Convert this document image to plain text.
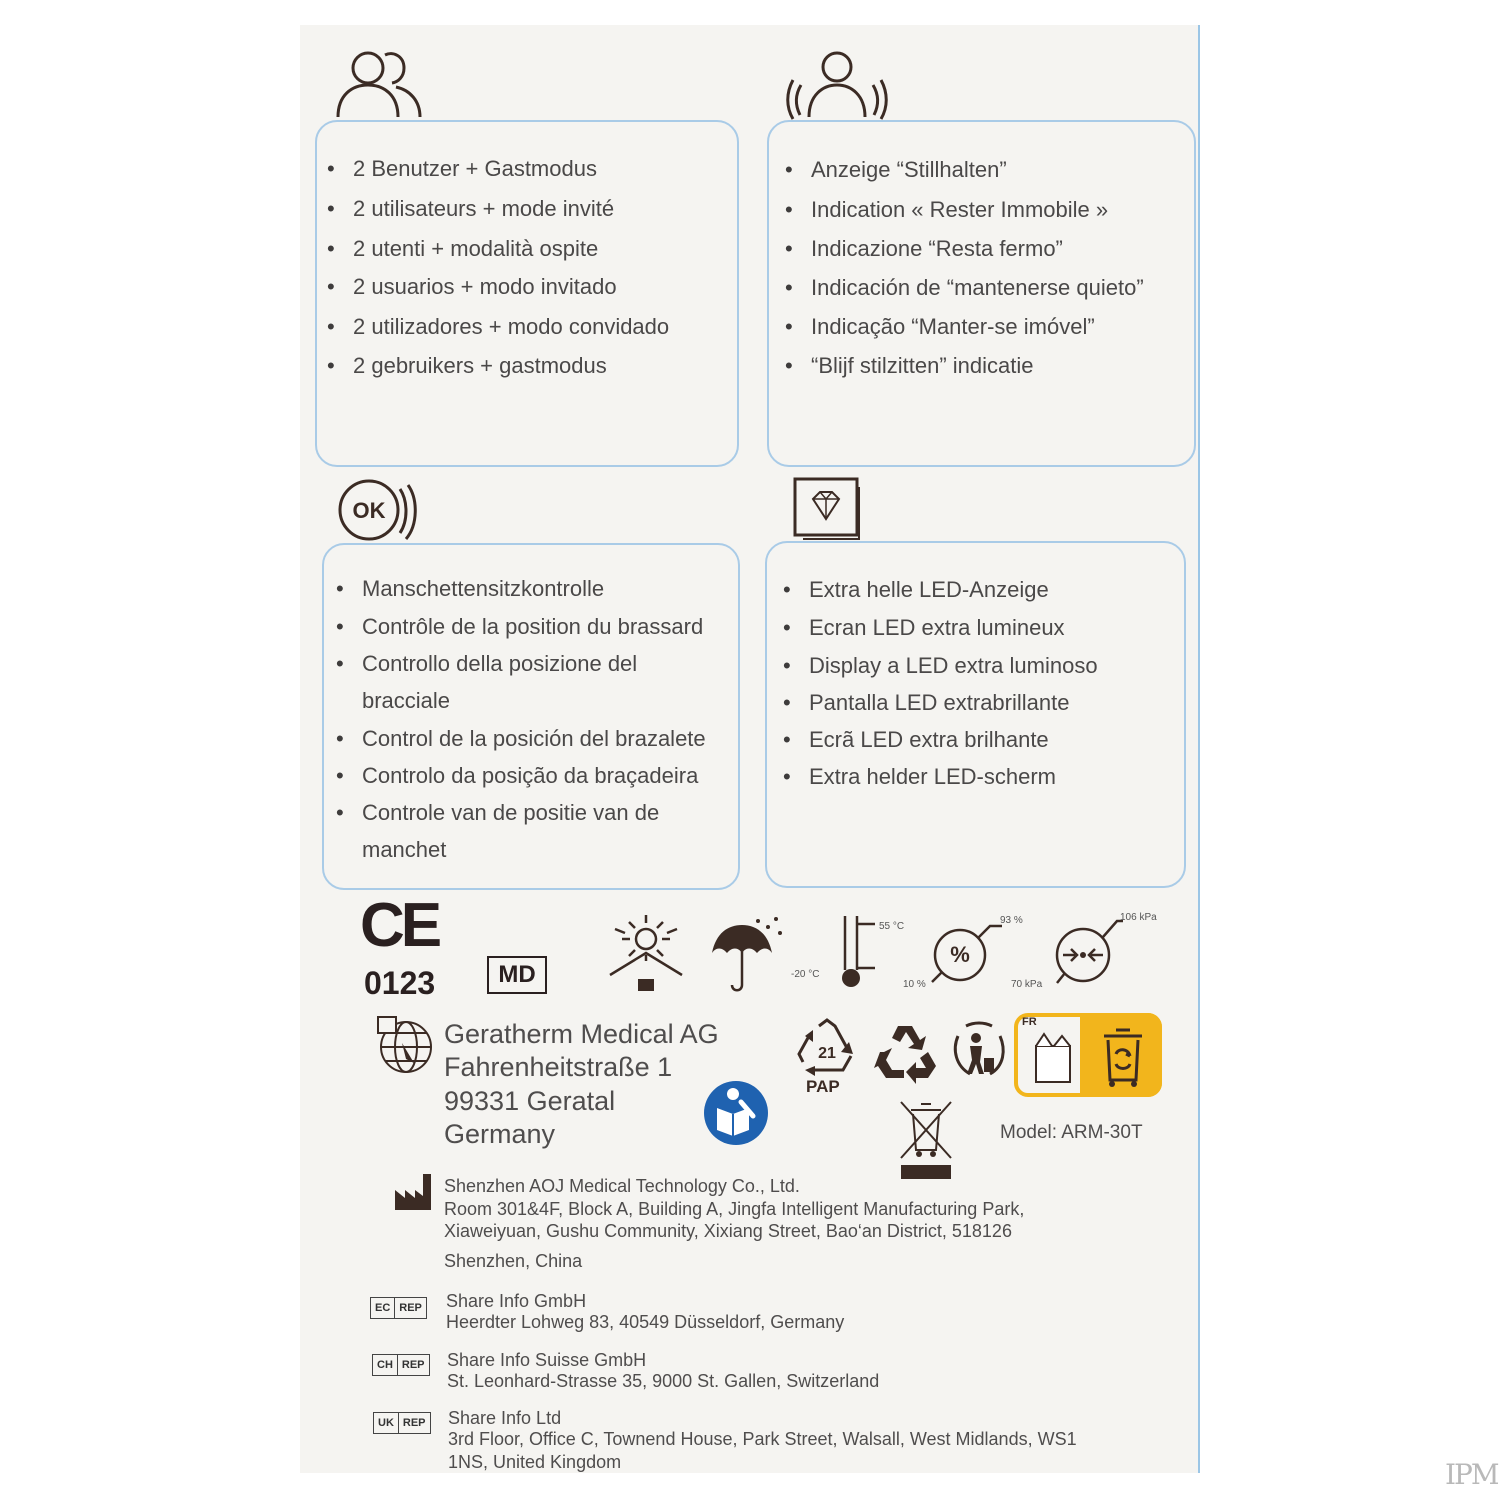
• 2 Benutzer + Gastmodus
• 2 utilisateurs + mode invité
• 2 utenti + modalità ospite
• 2 usuarios + modo invitado
• 2 utilizadores + modo convidado
• 2 gebruikers + gastmodus
• Anzeige “Stillhalten”
• Indication « Rester Immobile »
• Indicazione “Resta fermo”
• Indicación de “mantenerse quieto”
• Indicação “Manter-se imóvel”
• “Blijf stilzitten” indicatie
OK
• Manschettensitzkontrolle
• Contrôle de la position du brassard
• Controllo della posizione del
bracciale
• Control de la posición del brazalete
• Controlo da posição da braçadeira
• Controle van de positie van de
manchet
• Extra helle LED-Anzeige
• Ecran LED extra lumineux
• Display a LED extra luminoso
• Pantalla LED extrabrillante
• Ecrã LED extra brilhante
• Extra helder LED-scherm
CE
0123	MD
55 °C
-20 °C
%
93 %
10 %
106 kPa
70 kPa
Geratherm Medical AG
Fahrenheitstraße 1
99331 Geratal
Germany
21
PAP
FR
Model: ARM-30T
Shenzhen AOJ Medical Technology Co., Ltd.
Room 301&4F, Block A, Building A, Jingfa Intelligent Manufacturing Park,
Xiaweiyuan, Gushu Community, Xixiang Street, Bao‘an District, 518126
Shenzhen, China
EC REP Share Info GmbH
Heerdter Lohweg 83, 40549 Düsseldorf, Germany
CH REP Share Info Suisse GmbH
St. Leonhard-Strasse 35, 9000 St. Gallen, Switzerland
UK REP Share Info Ltd
3rd Floor, Office C, Townend House, Park Street, Walsall, West Midlands, WS1
1NS, United Kingdom	IPM
